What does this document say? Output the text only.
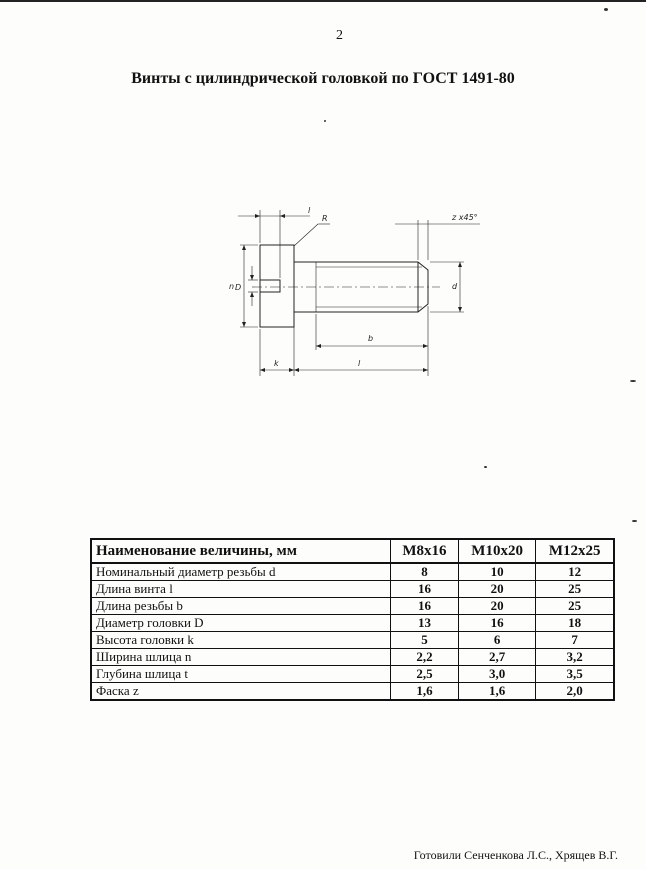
2
Винты с цилиндрической головкой по ГОСТ 1491-80
l
R	z x45°
D
n	d
b
k	l
Наименование величины, мм	M8x16	M10x20	M12x25
Номинальный диаметр резьбы d	8	10	12
Длина винта l	16	20	25
Длина резьбы b	16	20	25
Диаметр головки D	13	16	18
Высота головки k	5	6	7
Ширина шлица n	2,2	2,7	3,2
Глубина шлица t	2,5	3,0	3,5
Фаска z	1,6	1,6	2,0
Готовили Сенченкова Л.С., Хрящев В.Г.
